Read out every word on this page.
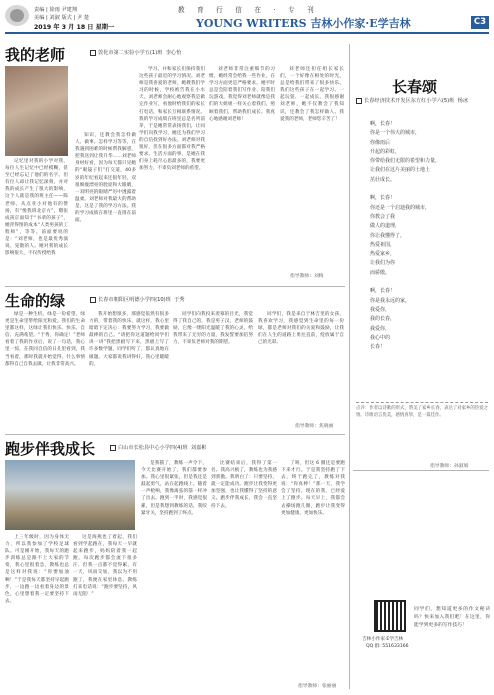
责编 | 徐雨 尹建翔
美编 | 刘淑 版式 | 尹 楚
2019 年 3 月 18 日 星期一
教 育 行 信 在 · 专 刊
YOUNG WRITERS 吉林小作家·E学吉林	C3
我的老师	敦化市第二实验小学五(1)班 李心怡
记忆里对我的小学对我，每位人生记忆中已经模糊，甚至已经忘记了他们的名字。但有位人却让我记忆深刻，并对我的成长产生了很大的影响，这个人就是我的班主任——陈老师。从点亚小对他有的赞扬，有“像我班北京方”，嗯张成孩京面知于“书辈的孩子”，她背得图的成本“人类男孩的工程师”，等等。前面要说的是：“刘老师，也是最优秀演说、晃散的人。她对我的成长影响很大，不仅传授给我
知识，还教会我怎样做人、做事。怎样学习等等，在我遇到困难的时候帮我解惑，把我送到让我升华……刘老师身材好看，因为每天都只见她的“眼镜子们”打交道，40多岁的年纪看起来还很年轻，双很细瘦漂亮的脸庞和大眼睛，一双明亮的眼睛严厉中透露着温柔。刘老师对我最大的帮助是，这是了我的学习方法。我的学习成绩在班里一直排在前面。
学习、并和家长们保持我们这些孩子最近的学习情况。刘老师是我喜爱的老师，她教我们学习的时候，学校被告我在小水天。刘老师会耐心地观察我是做完作业写，看他时给我们的家长打电话，和家长互相联系情况。我的学习成绩在班里总是名列前茅，于是她常常表扬我们，让同学们向我学习，她还为我们学习的自信找到好办法。刘老师对我很好，但在很多方面都对我严格要求。生活方面的事，是她在我们身上耗尽心思最多的，我要更加努力，不辜负刘老师的希望。
刘老师非常注重细节的习惯，她经常会给我一些作业，在学习方面更是严格要求。她平时总是会陪着我们写作业、陪我们玩游戏。我觉得刘老师就像是我们的大姐姐一样关心着我们，照顾着我们，帮助我们成长。我真心地感谢刘老师！
刘老师还担任组长家长们，一个好像在相处的时光，总是给我们带来了很多快乐。我们这些孩子在一起学习、一起玩耍、一起成长。我很感谢刘老师，她不仅教会了我知识，还教会了我怎样做人。我爱我的老师，老师您辛苦了！
指导教师：刘梅
生命的绿	长春市朝阳区明德小学四(10)班 于秀
绿是一种生机，绿是一份希望。绿更是生命里带给阳光和爱。我们的生命里都这样，这绿让我们快乐、快乐、自信、充满希望。“于秀，你确定！”老师看着了我的作业后，说了一句话，我心里一惊，在我同自信的日孔里看到，我当看着，那时我就开始觉得，什么事情都得自己自我去做，让我非常高兴。
我开始想很多，那感觉依然有很多力的，带着我的快乐，就这样，我心里暗暗下定决心：我要努力学习，我要做最棒的自己。“请把你这道题给同学们讲一讲”我把黑板写下来，黑板上写了许多数学题，同学们听了，都认真地在做题。大家都说我讲得好，我心里暖暖的。
同学们向我投来羡慕的目光，我觉得了我自己的，我是男子汉，老师的鼓励，它像一缕阳光温暖了我的心灵，给我带来了无穷的力量，我发誓要加倍努力，不辜负老师对我的期望。
同学们，我是来自于林吉里的女孩，我喜欢学习，我感觉到生命里的每一份绿，都是老师对我们的关爱和鼓励，让我们在人生的道路上勇往直前，绽放属于自己的光彩。
指导教师：焦晓丽
跑步伴我成长	白山市长松县中心小学四(4)班 刘嘉彬
上三年级时，因为身体无力，所以我参加了学校足球队。可是刚开始，我每天的跑步训练总是跟不上大家的节奏，我心里很着急，教练也总是这样对我说：“你要加油啊！”于是我每天都坚持早起跑步，一边跑一边看着身边的景色，心里想着我一定要坚持下去。
这是海燕也了着起，我们看到学起跑在，我每天一早就起来跑步，妈妈陪着我一起跑。每次跑步都会流下很多汗，但我一点都不觉得累。有一天，风雨交加，我以为不用跑了，我便在家里休息。教练打来电话说：“跑步要坚持，风雨无阻！”
是我猫了，教练一声令下，今天比赛开始了，我们都要参加。我心里很紧张，但是我还是鼓起勇气，站在起跑线上。随着一声枪响，我像离弦的箭一样冲了出去。跑到一半时，我感觉很累，但是我想到教练的话，我咬紧牙关，坚持跑到了终点。
比赛结束后，我得了第一名。我高兴极了，教练也为我感到骄傲。我明白了：只要坚持，就一定能成功。跑步让我变得更加坚强，也让我懂得了坚持的意义。跑步伴我成长，我会一直坚持下去。
了呀，但这 6 圈还是要跑下来才行。于是我坚持跑了下去，终于跑完了，教练对我说：“你真棒！”那一天，我学会了坚持。现在的我，已经爱上了跑步。每天早上，我都会去操场跑几圈，跑步让我变得更加健康、更加快乐。
指导教师：张丽丽
长春颂
长春经济技术开发区东方红小学六(5)班 杨冰
啊，长春！
你是一个伟大的城市，
你像雨后
升起的彩虹，
你带给我们无限的希望和力量，
让我们在这片美丽的土地上
茁壮成长。

啊，长春！
你还是一个启迪我的城市，
你教会了我
做人的道理，
你让我懂得了，
热爱祖国，
热爱家乡，
让我们为你
而骄傲。

啊，长春！
你是我永远的家，
我爱你，
我的长春，
我爱你，
我心中的
长春！
点评：作者以诗歌的形式，赞美了家乡长春，表达了对家乡的热爱之情。诗歌语言优美，感情真挚，是一篇佳作。
指导教师：孙淑娟
吉林小作家·E学吉林
QQ 群: 551633166
同学们，想知道更多的作文秘诀吗？快来加入我们吧！在这里，你能学到更多的写作技巧！
